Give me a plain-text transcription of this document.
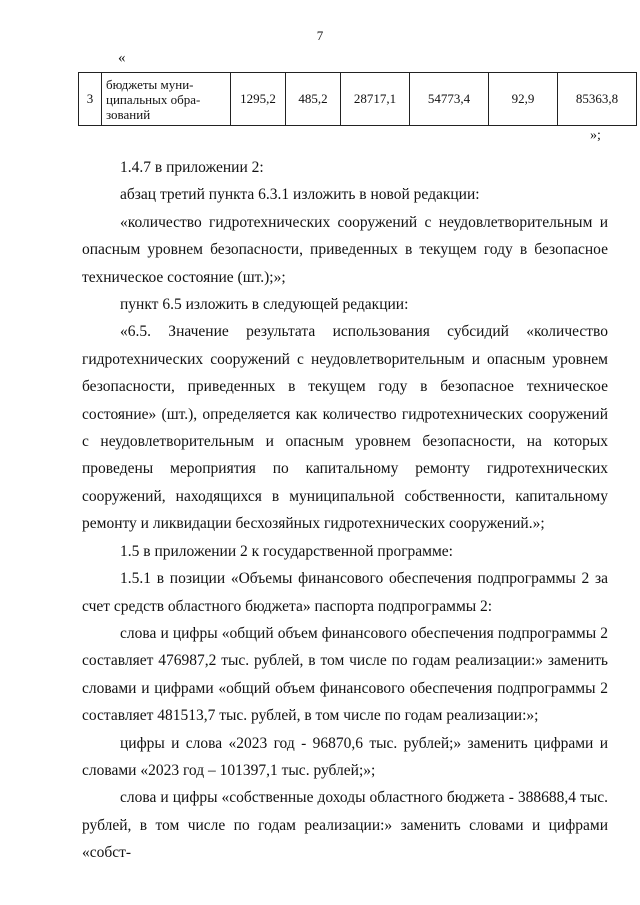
7
«
3	бюджеты муни-
ципальных обра-
зований	1295,2	485,2	28717,1	54773,4	92,9	85363,8
»;

1.4.7 в приложении 2:

абзац третий пункта 6.3.1 изложить в новой редакции:

«количество гидротехнических сооружений с неудовлетворительным и опасным уровнем безопасности, приведенных в текущем году в безопасное техническое состояние (шт.);»;

пункт 6.5 изложить в следующей редакции:

«6.5. Значение результата использования субсидий «количество гидротехнических сооружений с неудовлетворительным и опасным уровнем безопасности, приведенных в текущем году в безопасное техническое состояние» (шт.), определяется как количество гидротехнических сооружений с неудовлетворительным и опасным уровнем безопасности, на которых проведены мероприятия по капитальному ремонту гидротехнических сооружений, находящихся в муниципальной собственности, капитальному ремонту и ликвидации бесхозяйных гидротехнических сооружений.»;

1.5 в приложении 2 к государственной программе:

1.5.1 в позиции «Объемы финансового обеспечения подпрограммы 2 за счет средств областного бюджета» паспорта подпрограммы 2:

слова и цифры «общий объем финансового обеспечения подпрограммы 2 составляет 476987,2 тыс. рублей, в том числе по годам реализации:» заменить словами и цифрами «общий объем финансового обеспечения подпрограммы 2 составляет 481513,7 тыс. рублей, в том числе по годам реализации:»;

цифры и слова «2023 год - 96870,6 тыс. рублей;» заменить цифрами и словами «2023 год – 101397,1 тыс. рублей;»;

слова и цифры «собственные доходы областного бюджета - 388688,4 тыс. рублей, в том числе по годам реализации:» заменить словами и цифрами «собст-
